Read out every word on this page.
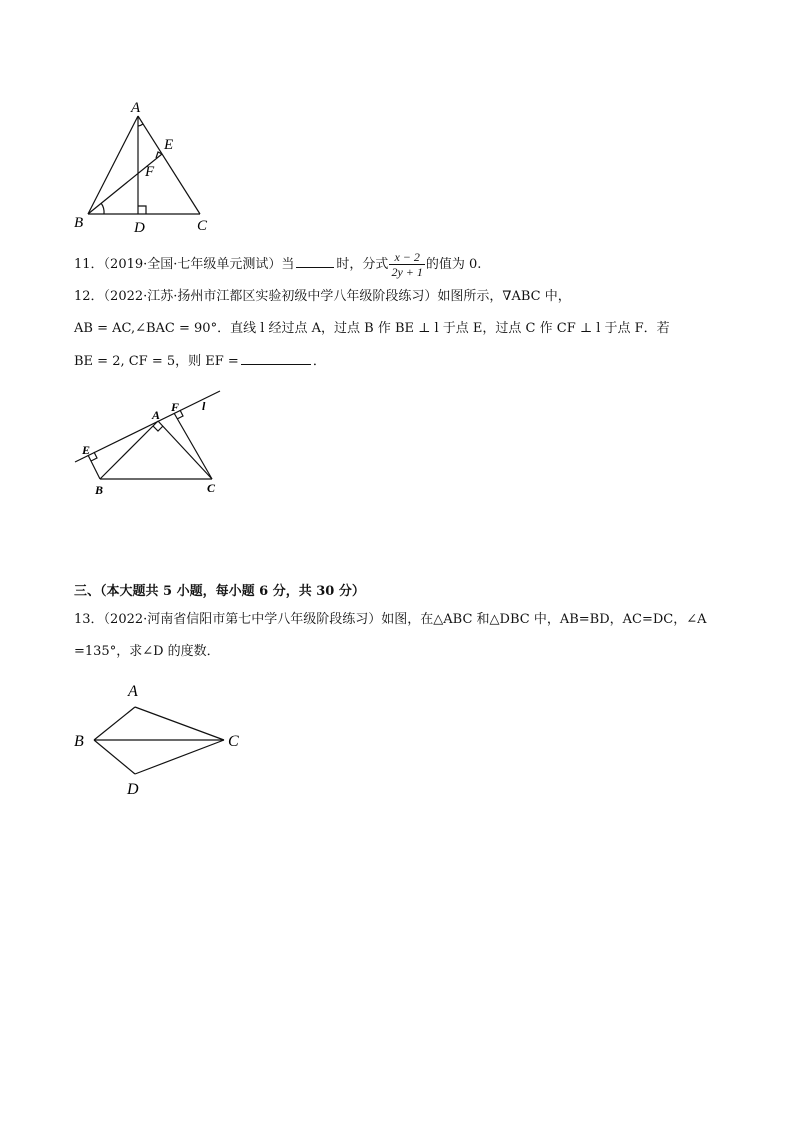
A
B	C
D
E
F
11．（2019·全国·七年级单元测试）当	时，分式 $\frac{x - 2}{2y + 1}$ 的值为 0.
12．（2022·江苏·扬州市江都区实验初级中学八年级阶段练习）如图所示，∇ABC 中，
AB = AC,∠BAC = 90°．直线 l 经过点 A，过点 B 作 BE ⊥ l 于点 E，过点 C 作 CF ⊥ l 于点 F．若
BE = 2, CF = 5，则 EF =	．
A
B	C
E
F l
三、（本大题共 5 小题，每小题 6 分，共 30 分）
13．（2022·河南省信阳市第七中学八年级阶段练习）如图，在△ABC 和△DBC 中，AB=BD，AC=DC，∠A
=135°，求∠D 的度数．
A
B	C
D
